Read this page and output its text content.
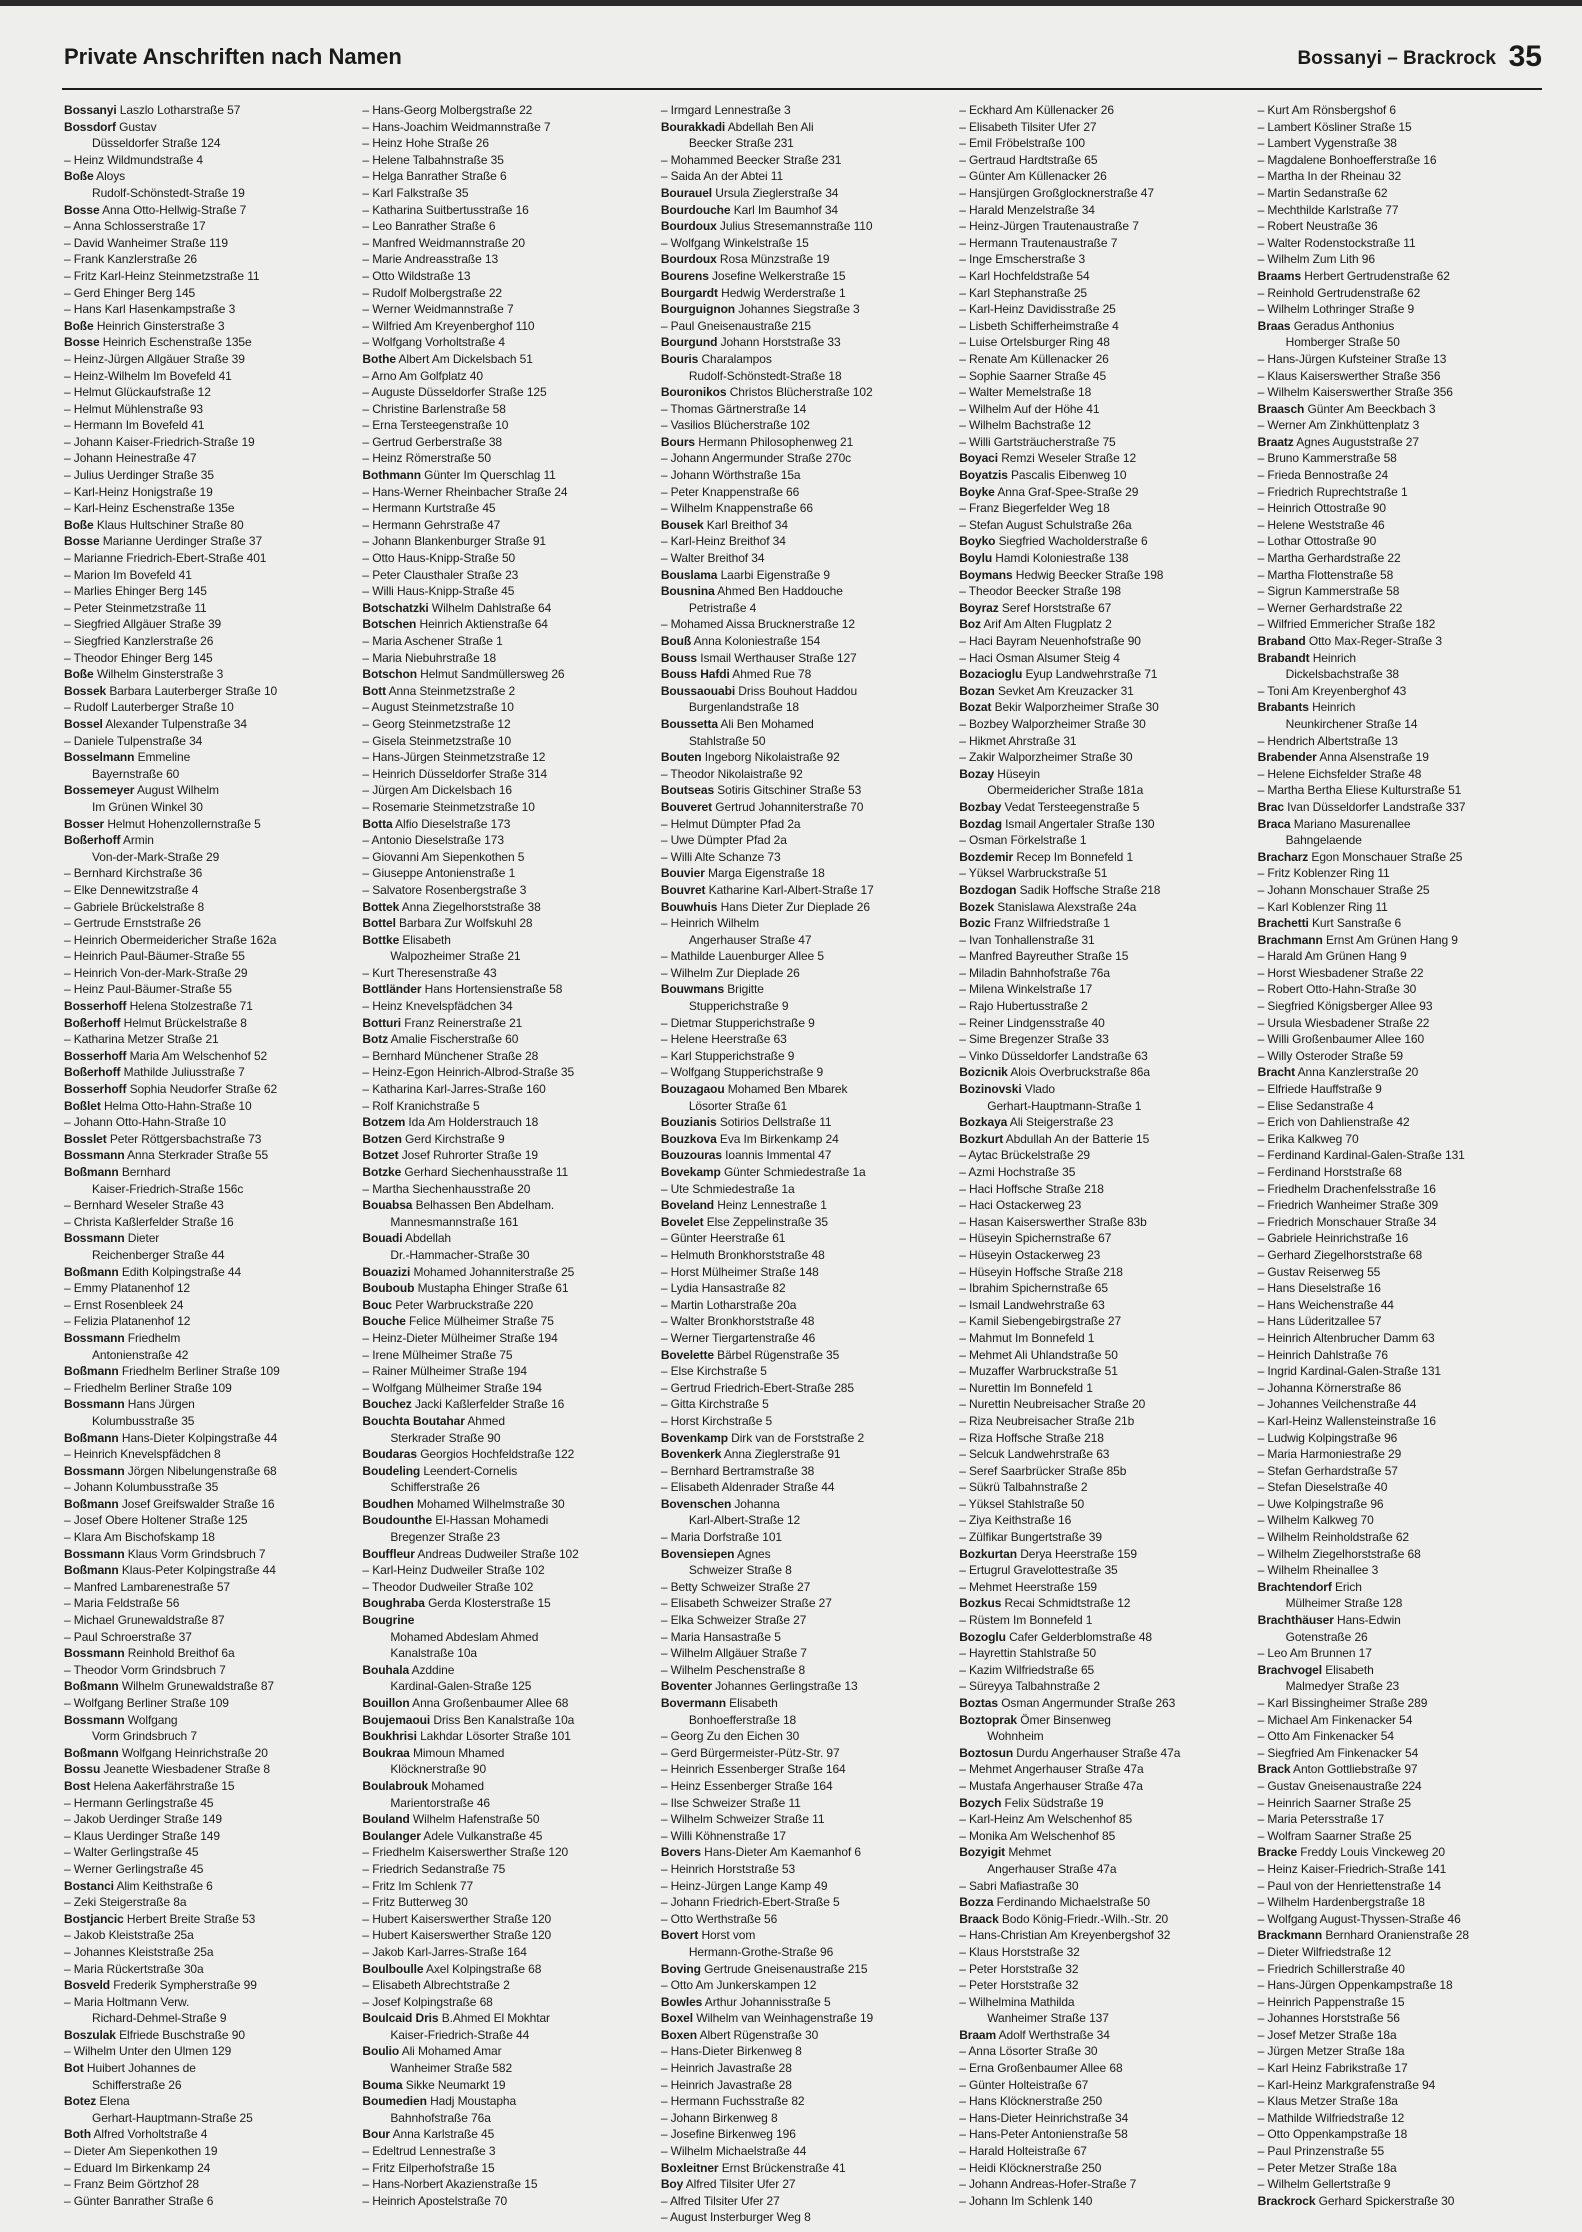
Private Anschriften nach Namen	Bossanyi – Brackrock 35
Bossanyi Laszlo Lotharstraße 57
Bossdorf Gustav
Düsseldorfer Straße 124
– Heinz Wildmundstraße 4
Boße Aloys
Rudolf-Schönstedt-Straße 19
Bosse Anna Otto-Hellwig-Straße 7
– Anna Schlosserstraße 17
– David Wanheimer Straße 119
– Frank Kanzlerstraße 26
– Fritz Karl-Heinz Steinmetzstraße 11
– Gerd Ehinger Berg 145
– Hans Karl Hasenkampstraße 3
Boße Heinrich Ginsterstraße 3
Bosse Heinrich Eschenstraße 135e
– Heinz-Jürgen Allgäuer Straße 39
– Heinz-Wilhelm Im Bovefeld 41
– Helmut Glückaufstraße 12
– Helmut Mühlenstraße 93
– Hermann Im Bovefeld 41
– Johann Kaiser-Friedrich-Straße 19
– Johann Heinestraße 47
– Julius Uerdinger Straße 35
– Karl-Heinz Honigstraße 19
– Karl-Heinz Eschenstraße 135e
Boße Klaus Hultschiner Straße 80
Bosse Marianne Uerdinger Straße 37
– Marianne Friedrich-Ebert-Straße 401
– Marion Im Bovefeld 41
– Marlies Ehinger Berg 145
– Peter Steinmetzstraße 11
– Siegfried Allgäuer Straße 39
– Siegfried Kanzlerstraße 26
– Theodor Ehinger Berg 145
Boße Wilhelm Ginsterstraße 3
Bossek Barbara Lauterberger Straße 10
– Rudolf Lauterberger Straße 10
Bossel Alexander Tulpenstraße 34
– Daniele Tulpenstraße 34
Bosselmann Emmeline
Bayernstraße 60
Bossemeyer August Wilhelm
Im Grünen Winkel 30
Bosser Helmut Hohenzollernstraße 5
Boßerhoff Armin
Von-der-Mark-Straße 29
– Bernhard Kirchstraße 36
– Elke Dennewitzstraße 4
– Gabriele Brückelstraße 8
– Gertrude Ernststraße 26
– Heinrich Obermeidericher Straße 162a
– Heinrich Paul-Bäumer-Straße 55
– Heinrich Von-der-Mark-Straße 29
– Heinz Paul-Bäumer-Straße 55
Bosserhoff Helena Stolzestraße 71
Boßerhoff Helmut Brückelstraße 8
– Katharina Metzer Straße 21
Bosserhoff Maria Am Welschenhof 52
Boßerhoff Mathilde Juliusstraße 7
Bosserhoff Sophia Neudorfer Straße 62
Boßlet Helma Otto-Hahn-Straße 10
– Johann Otto-Hahn-Straße 10
Bosslet Peter Röttgersbachstraße 73
Bossmann Anna Sterkrader Straße 55
Boßmann Bernhard
Kaiser-Friedrich-Straße 156c
– Bernhard Weseler Straße 43
– Christa Kaßlerfelder Straße 16
Bossmann Dieter
Reichenberger Straße 44
Boßmann Edith Kolpingstraße 44
– Emmy Platanenhof 12
– Ernst Rosenbleek 24
– Felizia Platanenhof 12
Bossmann Friedhelm
Antonienstraße 42
Boßmann Friedhelm Berliner Straße 109
– Friedhelm Berliner Straße 109
Bossmann Hans Jürgen
Kolumbusstraße 35
Boßmann Hans-Dieter Kolpingstraße 44
– Heinrich Knevelspfädchen 8
Bossmann Jörgen Nibelungenstraße 68
– Johann Kolumbusstraße 35
Boßmann Josef Greifswalder Straße 16
– Josef Obere Holtener Straße 125
– Klara Am Bischofskamp 18
Bossmann Klaus Vorm Grindsbruch 7
Boßmann Klaus-Peter Kolpingstraße 44
– Manfred Lambarenestraße 57
– Maria Feldstraße 56
– Michael Grunewaldstraße 87
– Paul Schroerstraße 37
Bossmann Reinhold Breithof 6a
– Theodor Vorm Grindsbruch 7
Boßmann Wilhelm Grunewaldstraße 87
– Wolfgang Berliner Straße 109
Bossmann Wolfgang
Vorm Grindsbruch 7
Boßmann Wolfgang Heinrichstraße 20
Bossu Jeanette Wiesbadener Straße 8
Bost Helena Aakerfährstraße 15
– Hermann Gerlingstraße 45
– Jakob Uerdinger Straße 149
– Klaus Uerdinger Straße 149
– Walter Gerlingstraße 45
– Werner Gerlingstraße 45
Bostanci Alim Keithstraße 6
– Zeki Steigerstraße 8a
Bostjancic Herbert Breite Straße 53
– Jakob Kleiststraße 25a
– Johannes Kleiststraße 25a
– Maria Rückertstraße 30a
Bosveld Frederik Sympherstraße 99
– Maria Holtmann Verw.
Richard-Dehmel-Straße 9
Boszulak Elfriede Buschstraße 90
– Wilhelm Unter den Ulmen 129
Bot Huibert Johannes de
Schifferstraße 26
Botez Elena
Gerhart-Hauptmann-Straße 25
Both Alfred Vorholtstraße 4
– Dieter Am Siepenkothen 19
– Eduard Im Birkenkamp 24
– Franz Beim Görtzhof 28
– Günter Banrather Straße 6
– Hans-Georg Molbergstraße 22
– Hans-Joachim Weidmannstraße 7
– Heinz Hohe Straße 26
– Helene Talbahnstraße 35
– Helga Banrather Straße 6
– Karl Falkstraße 35
– Katharina Suitbertusstraße 16
– Leo Banrather Straße 6
– Manfred Weidmannstraße 20
– Marie Andreasstraße 13
– Otto Wildstraße 13
– Rudolf Molbergstraße 22
– Werner Weidmannstraße 7
– Wilfried Am Kreyenberghof 110
– Wolfgang Vorholtstraße 4
Bothe Albert Am Dickelsbach 51
– Arno Am Golfplatz 40
– Auguste Düsseldorfer Straße 125
– Christine Barlenstraße 58
– Erna Tersteegenstraße 10
– Gertrud Gerberstraße 38
– Heinz Römerstraße 50
Bothmann Günter Im Querschlag 11
– Hans-Werner Rheinbacher Straße 24
– Hermann Kurtstraße 45
– Hermann Gehrstraße 47
– Johann Blankenburger Straße 91
– Otto Haus-Knipp-Straße 50
– Peter Clausthaler Straße 23
– Willi Haus-Knipp-Straße 45
Botschatzki Wilhelm Dahlstraße 64
Botschen Heinrich Aktienstraße 64
– Maria Aschener Straße 1
– Maria Niebuhrstraße 18
Botschon Helmut Sandmüllersweg 26
Bott Anna Steinmetzstraße 2
– August Steinmetzstraße 10
– Georg Steinmetzstraße 12
– Gisela Steinmetzstraße 10
– Hans-Jürgen Steinmetzstraße 12
– Heinrich Düsseldorfer Straße 314
– Jürgen Am Dickelsbach 16
– Rosemarie Steinmetzstraße 10
Botta Alfio Dieselstraße 173
– Antonio Dieselstraße 173
– Giovanni Am Siepenkothen 5
– Giuseppe Antonienstraße 1
– Salvatore Rosenbergstraße 3
Bottek Anna Ziegelhorststraße 38
Bottel Barbara Zur Wolfskuhl 28
Bottke Elisabeth
Walpozheimer Straße 21
– Kurt Theresenstraße 43
Bottländer Hans Hortensienstraße 58
– Heinz Knevelspfädchen 34
Botturi Franz Reinerstraße 21
Botz Amalie Fischerstraße 60
– Bernhard Münchener Straße 28
– Heinz-Egon Heinrich-Albrod-Straße 35
– Katharina Karl-Jarres-Straße 160
– Rolf Kranichstraße 5
Botzem Ida Am Holderstrauch 18
Botzen Gerd Kirchstraße 9
Botzet Josef Ruhrorter Straße 19
Botzke Gerhard Siechenhausstraße 11
– Martha Siechenhausstraße 20
Bouabsa Belhassen Ben Abdelham.
Mannesmannstraße 161
Bouadi Abdellah
Dr.-Hammacher-Straße 30
Bouazizi Mohamed Johanniterstraße 25
Bouboub Mustapha Ehinger Straße 61
Bouc Peter Warbruckstraße 220
Bouche Felice Mülheimer Straße 75
– Heinz-Dieter Mülheimer Straße 194
– Irene Mülheimer Straße 75
– Rainer Mülheimer Straße 194
– Wolfgang Mülheimer Straße 194
Bouchez Jacki Kaßlerfelder Straße 16
Bouchta Boutahar Ahmed
Sterkrader Straße 90
Boudaras Georgios Hochfeldstraße 122
Boudeling Leendert-Cornelis
Schifferstraße 26
Boudhen Mohamed Wilhelmstraße 30
Boudounthe El-Hassan Mohamedi
Bregenzer Straße 23
Bouffleur Andreas Dudweiler Straße 102
– Karl-Heinz Dudweiler Straße 102
– Theodor Dudweiler Straße 102
Boughraba Gerda Klosterstraße 15
Bougrine
Mohamed Abdeslam Ahmed
Kanalstraße 10a
Bouhala Azddine
Kardinal-Galen-Straße 125
Bouillon Anna Großenbaumer Allee 68
Boujemaoui Driss Ben Kanalstraße 10a
Boukhrisi Lakhdar Lösorter Straße 101
Boukraa Mimoun Mhamed
Klöcknerstraße 90
Boulabrouk Mohamed
Marientorstraße 46
Bouland Wilhelm Hafenstraße 50
Boulanger Adele Vulkanstraße 45
– Friedhelm Kaiserswerther Straße 120
– Friedrich Sedanstraße 75
– Fritz Im Schlenk 77
– Fritz Butterweg 30
– Hubert Kaiserswerther Straße 120
– Hubert Kaiserswerther Straße 120
– Jakob Karl-Jarres-Straße 164
Boulboulle Axel Kolpingstraße 68
– Elisabeth Albrechtstraße 2
– Josef Kolpingstraße 68
Boulcaid Dris B.Ahmed El Mokhtar
Kaiser-Friedrich-Straße 44
Boulio Ali Mohamed Amar
Wanheimer Straße 582
Bouma Sikke Neumarkt 19
Boumedien Hadj Moustapha
Bahnhofstraße 76a
Bour Anna Karlstraße 45
– Edeltrud Lennestraße 3
– Fritz Eilperhofstraße 15
– Hans-Norbert Akazienstraße 15
– Heinrich Apostelstraße 70
– Irmgard Lennestraße 3
Bourakkadi Abdellah Ben Ali
Beecker Straße 231
– Mohammed Beecker Straße 231
– Saida An der Abtei 11
Bourauel Ursula Zieglerstraße 34
Bourdouche Karl Im Baumhof 34
Bourdoux Julius Stresemannstraße 110
– Wolfgang Winkelstraße 15
Bourdoux Rosa Münzstraße 19
Bourens Josefine Welkerstraße 15
Bourgardt Hedwig Werderstraße 1
Bourguignon Johannes Siegstraße 3
– Paul Gneisenaustraße 215
Bourgund Johann Horststraße 33
Bouris Charalampos
Rudolf-Schönstedt-Straße 18
Bouronikos Christos Blücherstraße 102
– Thomas Gärtnerstraße 14
– Vasilios Blücherstraße 102
Bours Hermann Philosophenweg 21
– Johann Angermunder Straße 270c
– Johann Wörthstraße 15a
– Peter Knappenstraße 66
– Wilhelm Knappenstraße 66
Bousek Karl Breithof 34
– Karl-Heinz Breithof 34
– Walter Breithof 34
Bouslama Laarbi Eigenstraße 9
Bousnina Ahmed Ben Haddouche
Petristraße 4
– Mohamed Aissa Brucknerstraße 12
Bouß Anna Koloniestraße 154
Bouss Ismail Werthauser Straße 127
Bouss Hafdi Ahmed Rue 78
Boussaouabi Driss Bouhout Haddou
Burgenlandstraße 18
Boussetta Ali Ben Mohamed
Stahlstraße 50
Bouten Ingeborg Nikolaistraße 92
– Theodor Nikolaistraße 92
Boutseas Sotiris Gitschiner Straße 53
Bouveret Gertrud Johanniterstraße 70
– Helmut Dümpter Pfad 2a
– Uwe Dümpter Pfad 2a
– Willi Alte Schanze 73
Bouvier Marga Eigenstraße 18
Bouvret Katharine Karl-Albert-Straße 17
Bouwhuis Hans Dieter Zur Dieplade 26
– Heinrich Wilhelm
Angerhauser Straße 47
– Mathilde Lauenburger Allee 5
– Wilhelm Zur Dieplade 26
Bouwmans Brigitte
Stupperichstraße 9
– Dietmar Stupperichstraße 9
– Helene Heerstraße 63
– Karl Stupperichstraße 9
– Wolfgang Stupperichstraße 9
Bouzagaou Mohamed Ben Mbarek
Lösorter Straße 61
Bouzianis Sotirios Dellstraße 11
Bouzkova Eva Im Birkenkamp 24
Bouzouras Ioannis Immental 47
Bovekamp Günter Schmiedestraße 1a
– Ute Schmiedestraße 1a
Boveland Heinz Lennestraße 1
Bovelet Else Zeppelinstraße 35
– Günter Heerstraße 61
– Helmuth Bronkhorststraße 48
– Horst Mülheimer Straße 148
– Lydia Hansastraße 82
– Martin Lotharstraße 20a
– Walter Bronkhorststraße 48
– Werner Tiergartenstraße 46
Bovelette Bärbel Rügenstraße 35
– Else Kirchstraße 5
– Gertrud Friedrich-Ebert-Straße 285
– Gitta Kirchstraße 5
– Horst Kirchstraße 5
Bovenkamp Dirk van de Forststraße 2
Bovenkerk Anna Zieglerstraße 91
– Bernhard Bertramstraße 38
– Elisabeth Aldenrader Straße 44
Bovenschen Johanna
Karl-Albert-Straße 12
– Maria Dorfstraße 101
Bovensiepen Agnes
Schweizer Straße 8
– Betty Schweizer Straße 27
– Elisabeth Schweizer Straße 27
– Elka Schweizer Straße 27
– Maria Hansastraße 5
– Wilhelm Allgäuer Straße 7
– Wilhelm Peschenstraße 8
Boventer Johannes Gerlingstraße 13
Bovermann Elisabeth
Bonhoefferstraße 18
– Georg Zu den Eichen 30
– Gerd Bürgermeister-Pütz-Str. 97
– Heinrich Essenberger Straße 164
– Heinz Essenberger Straße 164
– Ilse Schweizer Straße 11
– Wilhelm Schweizer Straße 11
– Willi Köhnenstraße 17
Bovers Hans-Dieter Am Kaemanhof 6
– Heinrich Horststraße 53
– Heinz-Jürgen Lange Kamp 49
– Johann Friedrich-Ebert-Straße 5
– Otto Werthstraße 56
Bovert Horst vom
Hermann-Grothe-Straße 96
Boving Gertrude Gneisenaustraße 215
– Otto Am Junkerskampen 12
Bowles Arthur Johannisstraße 5
Boxel Wilhelm van Weinhagenstraße 19
Boxen Albert Rügenstraße 30
– Hans-Dieter Birkenweg 8
– Heinrich Javastraße 28
– Heinrich Javastraße 28
– Hermann Fuchsstraße 82
– Johann Birkenweg 8
– Josefine Birkenweg 196
– Wilhelm Michaelstraße 44
Boxleitner Ernst Brückenstraße 41
Boy Alfred Tilsiter Ufer 27
– Alfred Tilsiter Ufer 27
– August Insterburger Weg 8
– Eckhard Am Küllenacker 26
– Elisabeth Tilsiter Ufer 27
– Emil Fröbelstraße 100
– Gertraud Hardtstraße 65
– Günter Am Küllenacker 26
– Hansjürgen Großglocknerstraße 47
– Harald Menzelstraße 34
– Heinz-Jürgen Trautenaustraße 7
– Hermann Trautenaustraße 7
– Inge Emscherstraße 3
– Karl Hochfeldstraße 54
– Karl Stephanstraße 25
– Karl-Heinz Davidisstraße 25
– Lisbeth Schifferheimstraße 4
– Luise Ortelsburger Ring 48
– Renate Am Küllenacker 26
– Sophie Saarner Straße 45
– Walter Memelstraße 18
– Wilhelm Auf der Höhe 41
– Wilhelm Bachstraße 12
– Willi Gartsträucherstraße 75
Boyaci Remzi Weseler Straße 12
Boyatzis Pascalis Eibenweg 10
Boyke Anna Graf-Spee-Straße 29
– Franz Biegerfelder Weg 18
– Stefan August Schulstraße 26a
Boyko Siegfried Wacholderstraße 6
Boylu Hamdi Koloniestraße 138
Boymans Hedwig Beecker Straße 198
– Theodor Beecker Straße 198
Boyraz Seref Horststraße 67
Boz Arif Am Alten Flugplatz 2
– Haci Bayram Neuenhofstraße 90
– Haci Osman Alsumer Steig 4
Bozacioglu Eyup Landwehrstraße 71
Bozan Sevket Am Kreuzacker 31
Bozat Bekir Walporzheimer Straße 30
– Bozbey Walporzheimer Straße 30
– Hikmet Ahrstraße 31
– Zakir Walporzheimer Straße 30
Bozay Hüseyin
Obermeidericher Straße 181a
Bozbay Vedat Tersteegenstraße 5
Bozdag Ismail Angertaler Straße 130
– Osman Förkelstraße 1
Bozdemir Recep Im Bonnefeld 1
– Yüksel Warbruckstraße 51
Bozdogan Sadik Hoffsche Straße 218
Bozek Stanislawa Alexstraße 24a
Bozic Franz Wilfriedstraße 1
– Ivan Tonhallenstraße 31
– Manfred Bayreuther Straße 15
– Miladin Bahnhofstraße 76a
– Milena Winkelstraße 17
– Rajo Hubertusstraße 2
– Reiner Lindgensstraße 40
– Sime Bregenzer Straße 33
– Vinko Düsseldorfer Landstraße 63
Bozicnik Alois Overbruckstraße 86a
Bozinovski Vlado
Gerhart-Hauptmann-Straße 1
Bozkaya Ali Steigerstraße 23
Bozkurt Abdullah An der Batterie 15
– Aytac Brückelstraße 29
– Azmi Hochstraße 35
– Haci Hoffsche Straße 218
– Haci Ostackerweg 23
– Hasan Kaiserswerther Straße 83b
– Hüseyin Spichernstraße 67
– Hüseyin Ostackerweg 23
– Hüseyin Hoffsche Straße 218
– Ibrahim Spichernstraße 65
– Ismail Landwehrstraße 63
– Kamil Siebengebirgstraße 27
– Mahmut Im Bonnefeld 1
– Mehmet Ali Uhlandstraße 50
– Muzaffer Warbruckstraße 51
– Nurettin Im Bonnefeld 1
– Nurettin Neubreisacher Straße 20
– Riza Neubreisacher Straße 21b
– Riza Hoffsche Straße 218
– Selcuk Landwehrstraße 63
– Seref Saarbrücker Straße 85b
– Sükrü Talbahnstraße 2
– Yüksel Stahlstraße 50
– Ziya Keithstraße 16
– Zülfikar Bungertstraße 39
Bozkurtan Derya Heerstraße 159
– Ertugrul Gravelottestraße 35
– Mehmet Heerstraße 159
Bozkus Recai Schmidtstraße 12
– Rüstem Im Bonnefeld 1
Bozoglu Cafer Gelderblomstraße 48
– Hayrettin Stahlstraße 50
– Kazim Wilfriedstraße 65
– Süreyya Talbahnstraße 2
Boztas Osman Angermunder Straße 263
Boztoprak Ömer Binsenweg
Wohnheim
Boztosun Durdu Angerhauser Straße 47a
– Mehmet Angerhauser Straße 47a
– Mustafa Angerhauser Straße 47a
Bozych Felix Südstraße 19
– Karl-Heinz Am Welschenhof 85
– Monika Am Welschenhof 85
Bozyigit Mehmet
Angerhauser Straße 47a
– Sabri Mafiastraße 30
Bozza Ferdinando Michaelstraße 50
Braack Bodo König-Friedr.-Wilh.-Str. 20
– Hans-Christian Am Kreyenbergshof 32
– Klaus Horststraße 32
– Peter Horststraße 32
– Peter Horststraße 32
– Wilhelmina Mathilda
Wanheimer Straße 137
Braam Adolf Werthstraße 34
– Anna Lösorter Straße 30
– Erna Großenbaumer Allee 68
– Günter Holteistraße 67
– Hans Klöcknerstraße 250
– Hans-Dieter Heinrichstraße 34
– Hans-Peter Antonienstraße 58
– Harald Holteistraße 67
– Heidi Klöcknerstraße 250
– Johann Andreas-Hofer-Straße 7
– Johann Im Schlenk 140
– Kurt Am Rönsbergshof 6
– Lambert Kösliner Straße 15
– Lambert Vygenstraße 38
– Magdalene Bonhoefferstraße 16
– Martha In der Rheinau 32
– Martin Sedanstraße 62
– Mechthilde Karlstraße 77
– Robert Neustraße 36
– Walter Rodenstockstraße 11
– Wilhelm Zum Lith 96
Braams Herbert Gertrudenstraße 62
– Reinhold Gertrudenstraße 62
– Wilhelm Lothringer Straße 9
Braas Geradus Anthonius
Homberger Straße 50
– Hans-Jürgen Kufsteiner Straße 13
– Klaus Kaiserswerther Straße 356
– Wilhelm Kaiserswerther Straße 356
Braasch Günter Am Beeckbach 3
– Werner Am Zinkhüttenplatz 3
Braatz Agnes Auguststraße 27
– Bruno Kammerstraße 58
– Frieda Bennostraße 24
– Friedrich Ruprechtstraße 1
– Heinrich Ottostraße 90
– Helene Weststraße 46
– Lothar Ottostraße 90
– Martha Gerhardstraße 22
– Martha Flottenstraße 58
– Sigrun Kammerstraße 58
– Werner Gerhardstraße 22
– Wilfried Emmericher Straße 182
Braband Otto Max-Reger-Straße 3
Brabandt Heinrich
Dickelsbachstraße 38
– Toni Am Kreyenberghof 43
Brabants Heinrich
Neunkirchener Straße 14
– Hendrich Albertstraße 13
Brabender Anna Alsenstraße 19
– Helene Eichsfelder Straße 48
– Martha Bertha Eliese Kulturstraße 51
Brac Ivan Düsseldorfer Landstraße 337
Braca Mariano Masurenallee
Bahngelaende
Bracharz Egon Monschauer Straße 25
– Fritz Koblenzer Ring 11
– Johann Monschauer Straße 25
– Karl Koblenzer Ring 11
Brachetti Kurt Sanstraße 6
Brachmann Ernst Am Grünen Hang 9
– Harald Am Grünen Hang 9
– Horst Wiesbadener Straße 22
– Robert Otto-Hahn-Straße 30
– Siegfried Königsberger Allee 93
– Ursula Wiesbadener Straße 22
– Willi Großenbaumer Allee 160
– Willy Osteroder Straße 59
Bracht Anna Kanzlerstraße 20
– Elfriede Hauffstraße 9
– Elise Sedanstraße 4
– Erich von Dahlienstraße 42
– Erika Kalkweg 70
– Ferdinand Kardinal-Galen-Straße 131
– Ferdinand Horststraße 68
– Friedhelm Drachenfelsstraße 16
– Friedrich Wanheimer Straße 309
– Friedrich Monschauer Straße 34
– Gabriele Heinrichstraße 16
– Gerhard Ziegelhorststraße 68
– Gustav Reiserweg 55
– Hans Dieselstraße 16
– Hans Weichenstraße 44
– Hans Lüderitzallee 57
– Heinrich Altenbrucher Damm 63
– Heinrich Dahlstraße 76
– Ingrid Kardinal-Galen-Straße 131
– Johanna Körnerstraße 86
– Johannes Veilchenstraße 44
– Karl-Heinz Wallensteinstraße 16
– Ludwig Kolpingstraße 96
– Maria Harmoniestraße 29
– Stefan Gerhardstraße 57
– Stefan Dieselstraße 40
– Uwe Kolpingstraße 96
– Wilhelm Kalkweg 70
– Wilhelm Reinholdstraße 62
– Wilhelm Ziegelhorststraße 68
– Wilhelm Rheinallee 3
Brachtendorf Erich
Mülheimer Straße 128
Brachthäuser Hans-Edwin
Gotenstraße 26
– Leo Am Brunnen 17
Brachvogel Elisabeth
Malmedyer Straße 23
– Karl Bissingheimer Straße 289
– Michael Am Finkenacker 54
– Otto Am Finkenacker 54
– Siegfried Am Finkenacker 54
Brack Anton Gottliebstraße 97
– Gustav Gneisenaustraße 224
– Heinrich Saarner Straße 25
– Maria Petersstraße 17
– Wolfram Saarner Straße 25
Bracke Freddy Louis Vinckeweg 20
– Heinz Kaiser-Friedrich-Straße 141
– Paul von der Henriettenstraße 14
– Wilhelm Hardenbergstraße 18
– Wolfgang August-Thyssen-Straße 46
Brackmann Bernhard Oranienstraße 28
– Dieter Wilfriedstraße 12
– Friedrich Schillerstraße 40
– Hans-Jürgen Oppenkampstraße 18
– Heinrich Pappenstraße 15
– Johannes Horststraße 56
– Josef Metzer Straße 18a
– Jürgen Metzer Straße 18a
– Karl Heinz Fabrikstraße 17
– Karl-Heinz Markgrafenstraße 94
– Klaus Metzer Straße 18a
– Mathilde Wilfriedstraße 12
– Otto Oppenkampstraße 18
– Paul Prinzenstraße 55
– Peter Metzer Straße 18a
– Wilhelm Gellertstraße 9
Brackrock Gerhard Spickerstraße 30
